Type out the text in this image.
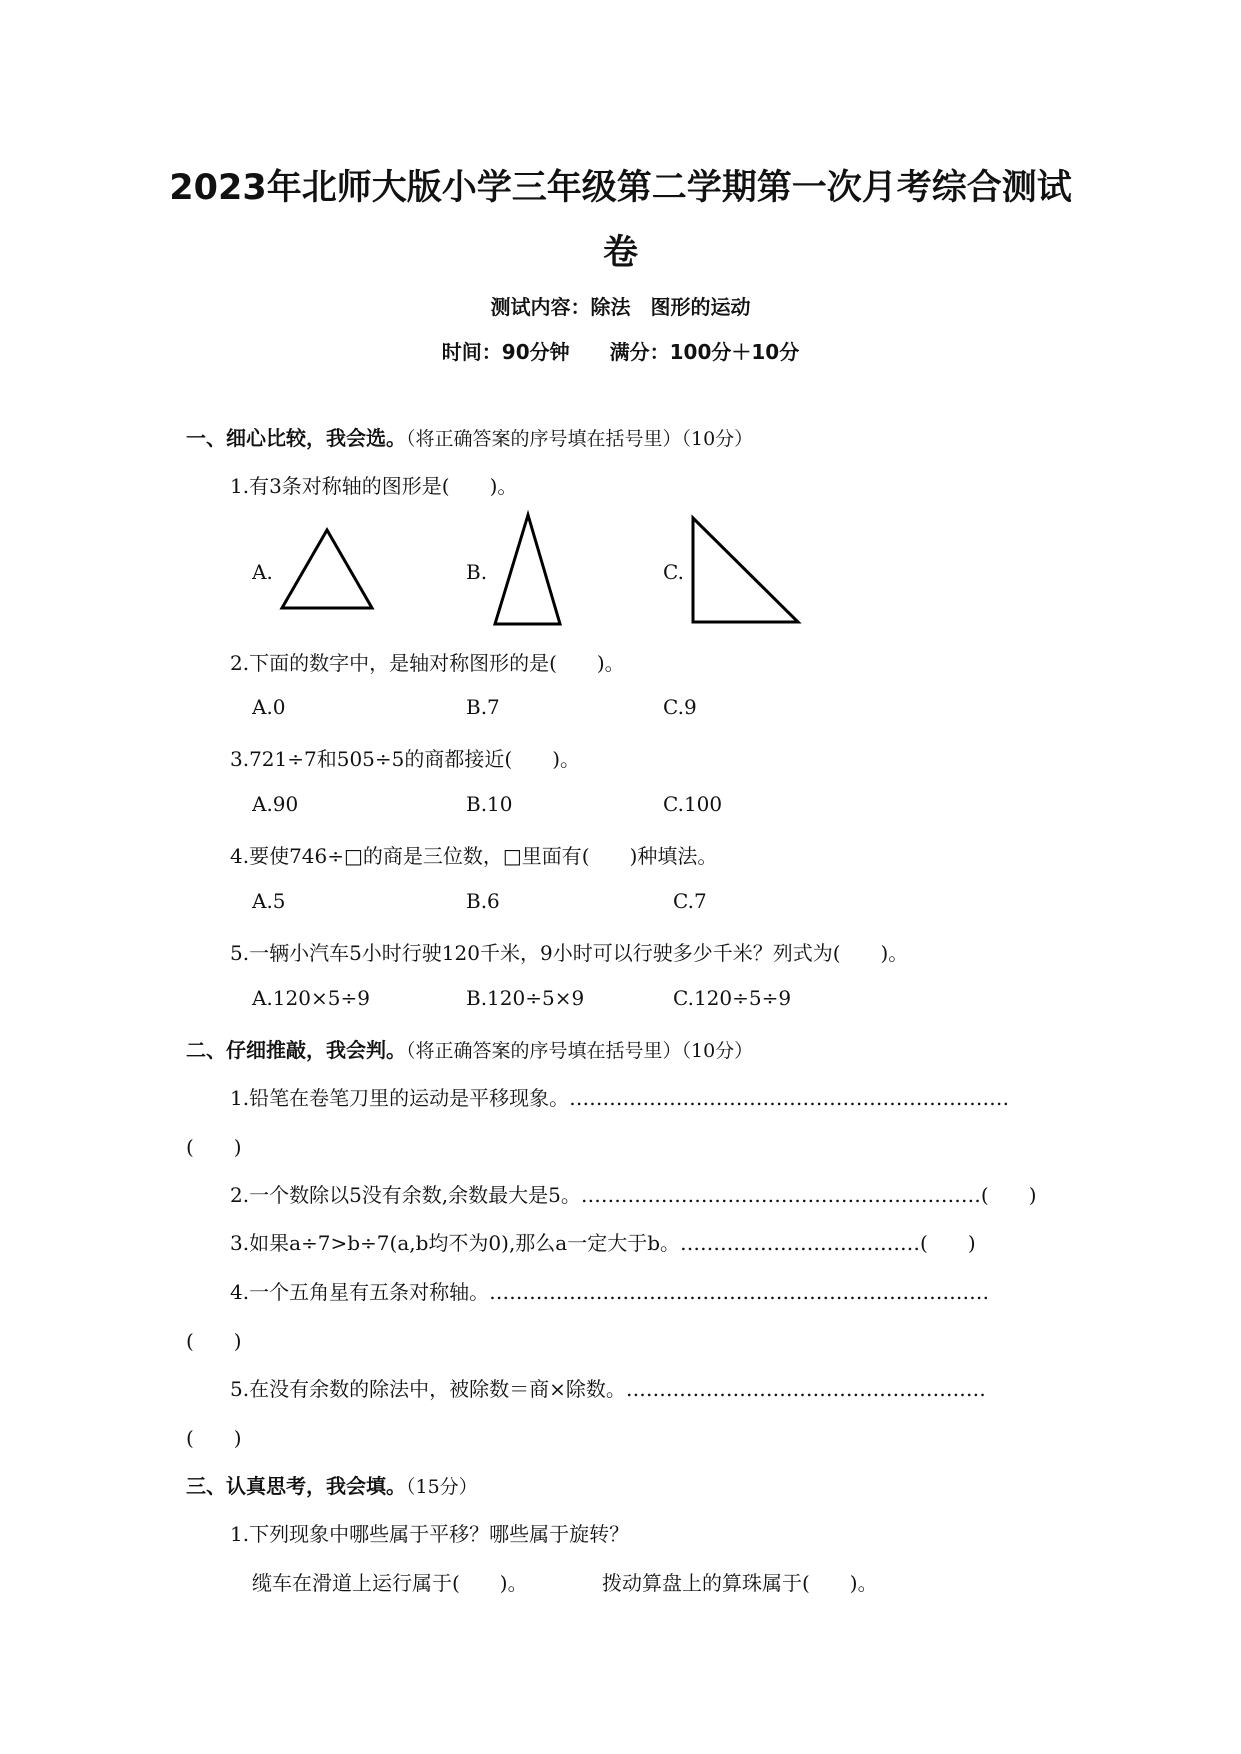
2023年北师大版小学三年级第二学期第一次月考综合测试
卷
测试内容：除法　图形的运动
时间：90分钟　　满分：100分＋10分
一、细心比较，我会选。（将正确答案的序号填在括号里）（10分）
1.有3条对称轴的图形是(　　)。
A.	B.	C.
2.下面的数字中，是轴对称图形的是(　　)。
A.0	B.7	C.9
3.721÷7和505÷5的商都接近(　　)。
A.90	B.10	C.100
4.要使746÷□的商是三位数，□里面有(　　)种填法。
A.5	B.6	C.7
5.一辆小汽车5小时行驶120千米，9小时可以行驶多少千米？列式为(　　)。
A.120×5÷9	B.120÷5×9	C.120÷5÷9
二、仔细推敲，我会判。（将正确答案的序号填在括号里）（10分）
1.铅笔在卷笔刀里的运动是平移现象。…………………………………………………………
(　　)
2.一个数除以5没有余数,余数最大是5。……………………………………………………(　　)
3.如果a÷7>b÷7(a,b均不为0),那么a一定大于b。………………………………(　　)
4.一个五角星有五条对称轴。…………………………………………………………………
(　　)
5.在没有余数的除法中，被除数＝商×除数。………………………………………………
(　　)
三、认真思考，我会填。（15分）
1.下列现象中哪些属于平移？哪些属于旋转？
缆车在滑道上运行属于(　　)。	拨动算盘上的算珠属于(　　)。
